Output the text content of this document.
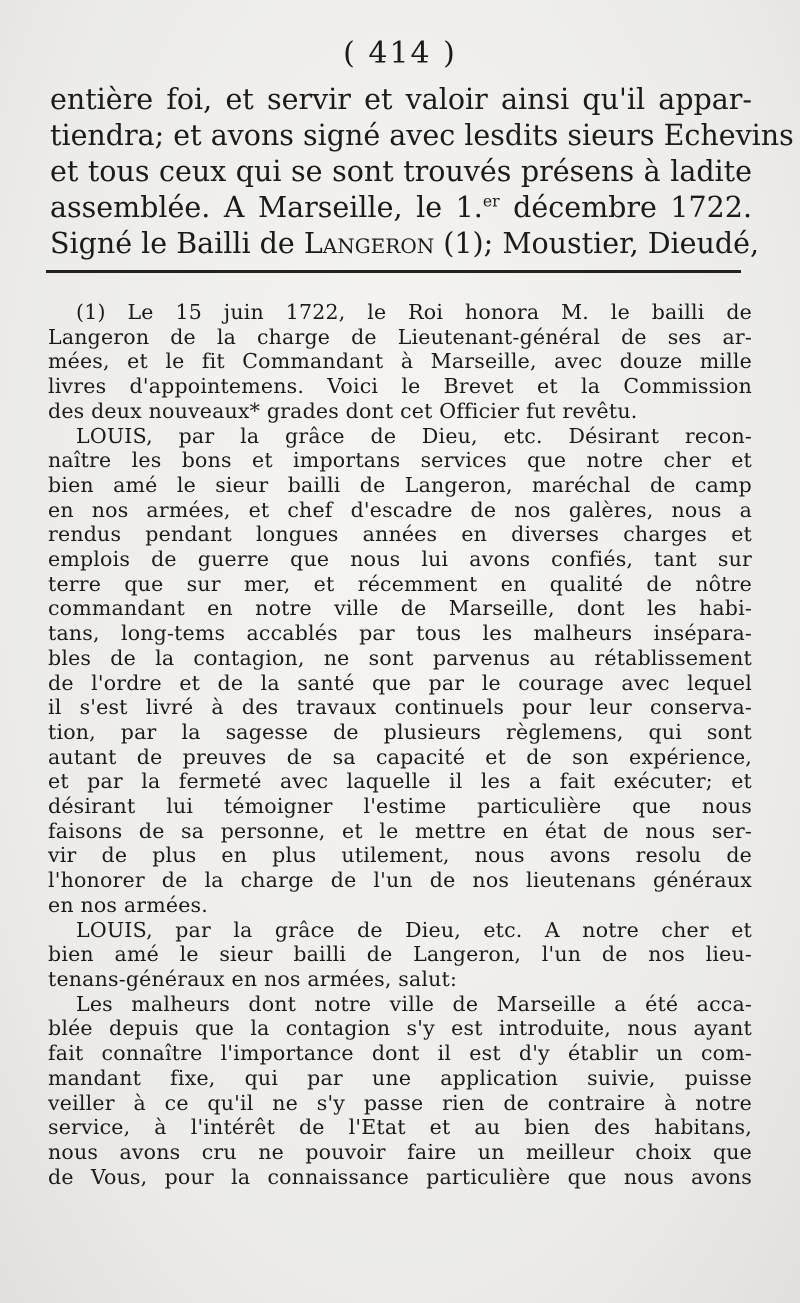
( 414 )
entière foi, et servir et valoir ainsi qu'il appar-
tiendra; et avons signé avec lesdits sieurs Echevins
et tous ceux qui se sont trouvés présens à ladite
assemblée. A Marseille, le 1.$^{er}$ décembre 1722.
Signé le Bailli de Langeron (1); Moustier, Dieudé,
(1) Le 15 juin 1722, le Roi honora M. le bailli de
Langeron de la charge de Lieutenant-général de ses ar-
mées, et le fit Commandant à Marseille, avec douze mille
livres d'appointemens. Voici le Brevet et la Commission
des deux nouveaux* grades dont cet Officier fut revêtu.
LOUIS, par la grâce de Dieu, etc. Désirant recon-
naître les bons et importans services que notre cher et
bien amé le sieur bailli de Langeron, maréchal de camp
en nos armées, et chef d'escadre de nos galères, nous a
rendus pendant longues années en diverses charges et
emplois de guerre que nous lui avons confiés, tant sur
terre que sur mer, et récemment en qualité de nôtre
commandant en notre ville de Marseille, dont les habi-
tans, long-tems accablés par tous les malheurs insépara-
bles de la contagion, ne sont parvenus au rétablissement
de l'ordre et de la santé que par le courage avec lequel
il s'est livré à des travaux continuels pour leur conserva-
tion, par la sagesse de plusieurs règlemens, qui sont
autant de preuves de sa capacité et de son expérience,
et par la fermeté avec laquelle il les a fait exécuter; et
désirant lui témoigner l'estime particulière que nous
faisons de sa personne, et le mettre en état de nous ser-
vir de plus en plus utilement, nous avons resolu de
l'honorer de la charge de l'un de nos lieutenans généraux
en nos armées.
LOUIS, par la grâce de Dieu, etc. A notre cher et
bien amé le sieur bailli de Langeron, l'un de nos lieu-
tenans-généraux en nos armées, salut:
Les malheurs dont notre ville de Marseille a été acca-
blée depuis que la contagion s'y est introduite, nous ayant
fait connaître l'importance dont il est d'y établir un com-
mandant fixe, qui par une application suivie, puisse
veiller à ce qu'il ne s'y passe rien de contraire à notre
service, à l'intérêt de l'Etat et au bien des habitans,
nous avons cru ne pouvoir faire un meilleur choix que
de Vous, pour la connaissance particulière que nous avons
